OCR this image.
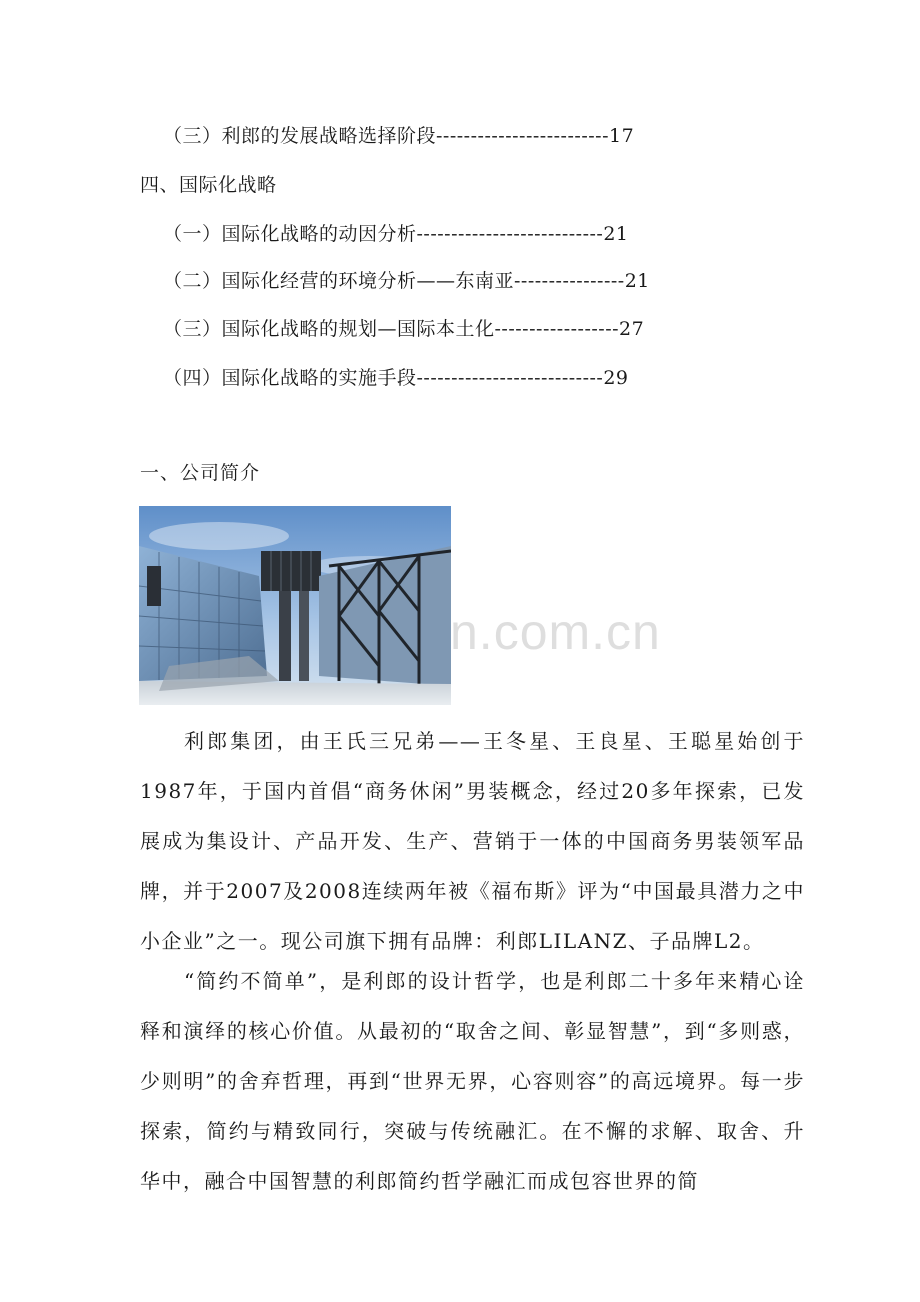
（三）利郎的发展战略选择阶段-------------------------17
四、国际化战略
（一）国际化战略的动因分析---------------------------21
（二）国际化经营的环境分析——东南亚----------------21
（三）国际化战略的规划—国际本土化------------------27
（四）国际化战略的实施手段---------------------------29
一、公司简介
n.com.cn

利郎集团，由王氏三兄弟——王冬星、王良星、王聪星始创于1987年，于国内首倡“商务休闲”男装概念，经过20多年探索，已发展成为集设计、产品开发、生产、营销于一体的中国商务男装领军品牌，并于2007及2008连续两年被《福布斯》评为“中国最具潜力之中小企业”之一。现公司旗下拥有品牌：利郎LILANZ、子品牌L2。

“简约不简单”，是利郎的设计哲学，也是利郎二十多年来精心诠释和演绎的核心价值。从最初的“取舍之间、彰显智慧”，到“多则惑，少则明”的舍弃哲理，再到“世界无界，心容则容”的高远境界。每一步探索，简约与精致同行，突破与传统融汇。在不懈的求解、取舍、升华中，融合中国智慧的利郎简约哲学融汇而成包容世界的简
